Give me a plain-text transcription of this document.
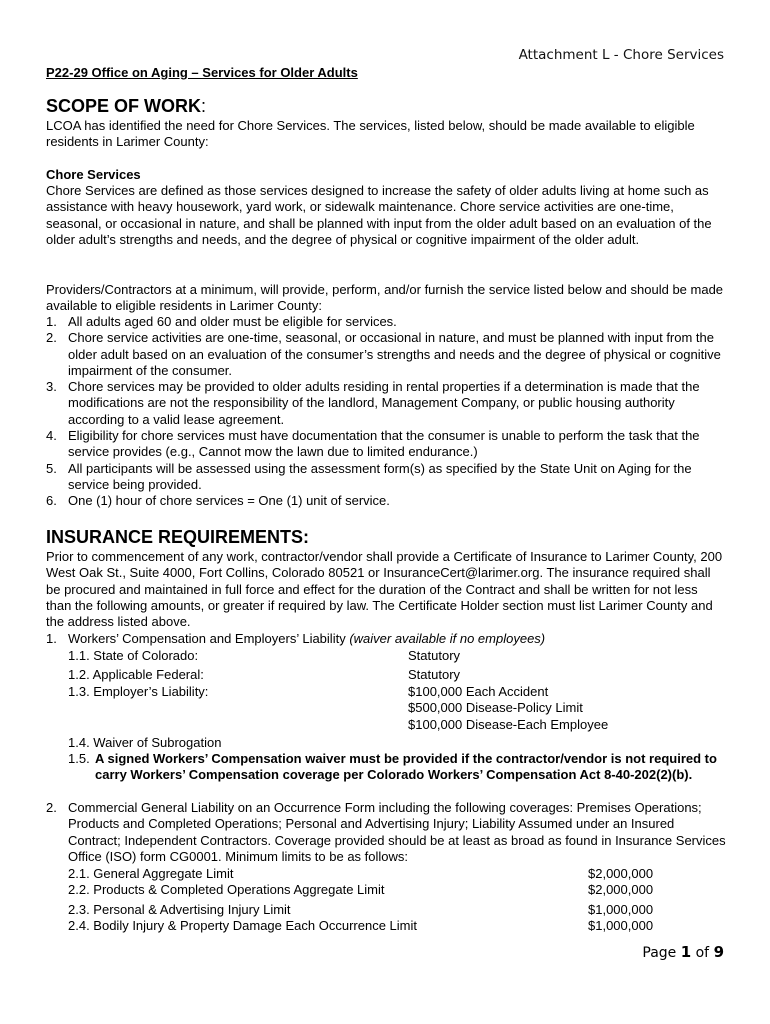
Attachment L - Chore Services
P22-29 Office on Aging – Services for Older Adults
SCOPE OF WORK:
LCOA has identified the need for Chore Services. The services, listed below, should be made available to eligible residents in Larimer County:
Chore Services
Chore Services are defined as those services designed to increase the safety of older adults living at home such as assistance with heavy housework, yard work, or sidewalk maintenance. Chore service activities are one-time, seasonal, or occasional in nature, and shall be planned with input from the older adult based on an evaluation of the older adult’s strengths and needs, and the degree of physical or cognitive impairment of the older adult.
Providers/Contractors at a minimum, will provide, perform, and/or furnish the service listed below and should be made available to eligible residents in Larimer County:
1. All adults aged 60 and older must be eligible for services.
2. Chore service activities are one-time, seasonal, or occasional in nature, and must be planned with input from the older adult based on an evaluation of the consumer’s strengths and needs and the degree of physical or cognitive impairment of the consumer.
3. Chore services may be provided to older adults residing in rental properties if a determination is made that the modifications are not the responsibility of the landlord, Management Company, or public housing authority according to a valid lease agreement.
4. Eligibility for chore services must have documentation that the consumer is unable to perform the task that the service provides (e.g., Cannot mow the lawn due to limited endurance.)
5. All participants will be assessed using the assessment form(s) as specified by the State Unit on Aging for the service being provided.
6. One (1) hour of chore services = One (1) unit of service.
INSURANCE REQUIREMENTS:
Prior to commencement of any work, contractor/vendor shall provide a Certificate of Insurance to Larimer County, 200 West Oak St., Suite 4000, Fort Collins, Colorado 80521 or InsuranceCert@larimer.org. The insurance required shall be procured and maintained in full force and effect for the duration of the Contract and shall be written for not less than the following amounts, or greater if required by law. The Certificate Holder section must list Larimer County and the address listed above.
1. Workers’ Compensation and Employers’ Liability (waiver available if no employees)
1.1. State of Colorado:	Statutory
1.2. Applicable Federal:	Statutory
1.3. Employer’s Liability:	$100,000 Each Accident
$500,000 Disease-Policy Limit
$100,000 Disease-Each Employee
1.4. Waiver of Subrogation
1.5. A signed Workers’ Compensation waiver must be provided if the contractor/vendor is not required to carry Workers’ Compensation coverage per Colorado Workers’ Compensation Act 8-40-202(2)(b).
2. Commercial General Liability on an Occurrence Form including the following coverages: Premises Operations; Products and Completed Operations; Personal and Advertising Injury; Liability Assumed under an Insured Contract; Independent Contractors. Coverage provided should be at least as broad as found in Insurance Services Office (ISO) form CG0001. Minimum limits to be as follows:
2.1. General Aggregate Limit	$2,000,000
2.2. Products & Completed Operations Aggregate Limit	$2,000,000
2.3. Personal & Advertising Injury Limit	$1,000,000
2.4. Bodily Injury & Property Damage Each Occurrence Limit	$1,000,000
Page 1 of 9
